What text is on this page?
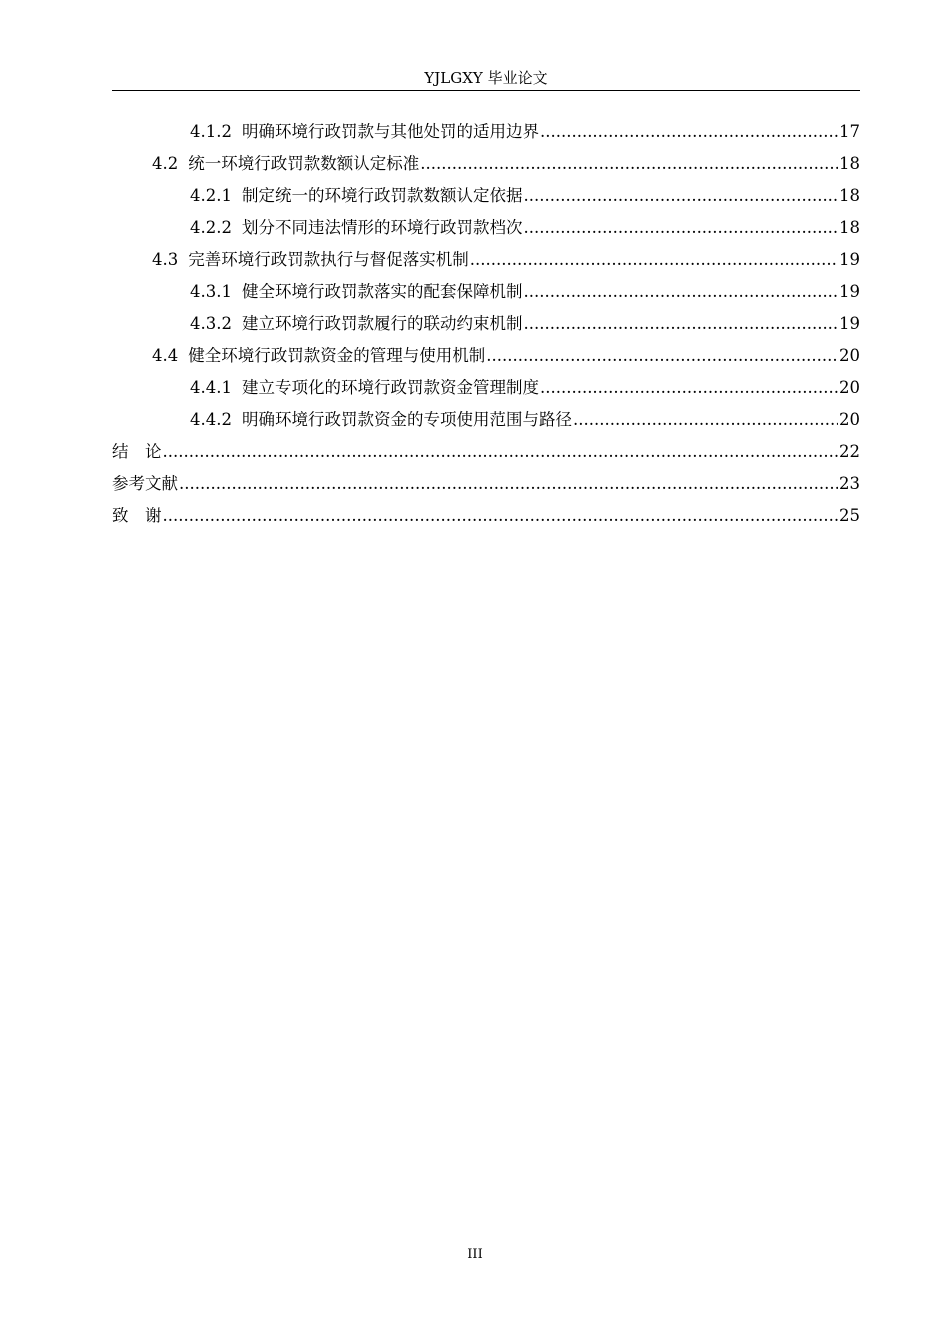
YJLGXY 毕业论文
4.1.2 明确环境行政罚款与其他处罚的适用边界 .....	17
4.2 统一环境行政罚款数额认定标准 .....	18
4.2.1 制定统一的环境行政罚款数额认定依据 .....	18
4.2.2 划分不同违法情形的环境行政罚款档次 .....	18
4.3 完善环境行政罚款执行与督促落实机制 .....	19
4.3.1 健全环境行政罚款落实的配套保障机制 .....	19
4.3.2 建立环境行政罚款履行的联动约束机制 .....	19
4.4 健全环境行政罚款资金的管理与使用机制 .....	20
4.4.1 建立专项化的环境行政罚款资金管理制度 .....	20
4.4.2 明确环境行政罚款资金的专项使用范围与路径 .....	20
结　论 .....	22
参考文献 .....	23
致　谢 .....	25
III
